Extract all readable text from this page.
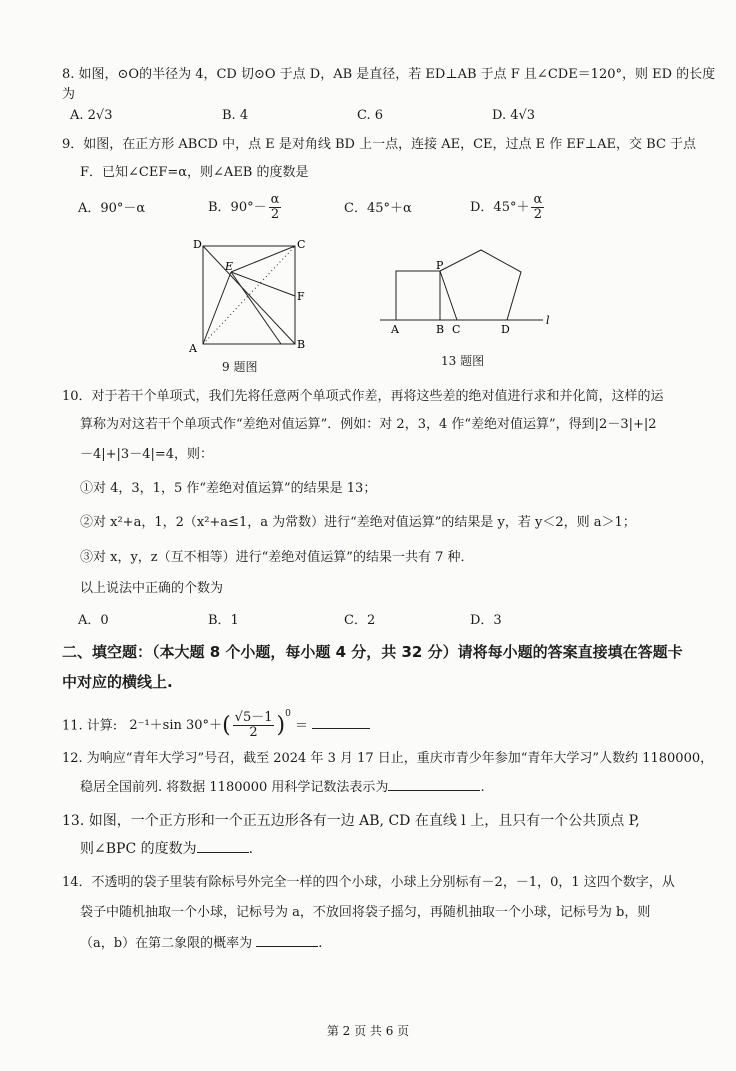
8. 如图，⊙O的半径为 4，CD 切⊙O 于点 D，AB 是直径，若 ED⊥AB 于点 F 且∠CDE＝120°，则 ED 的长度
为
A. 2√3	B. 4	C. 6	D. 4√3
9．如图，在正方形 ABCD 中，点 E 是对角线 BD 上一点，连接 AE，CE，过点 E 作 EF⊥AE，交 BC 于点
F．已知∠CEF=α，则∠AEB 的度数是
A．90°－α	B．$90^\circ- \frac{\alpha}{2}$	C．45°＋α	D．$45^\circ+ \frac{\alpha}{2}$
D	C
E
F
A	B
9 题图
A	B C	D
P
l
13 题图
10．对于若干个单项式，我们先将任意两个单项式作差，再将这些差的绝对值进行求和并化简，这样的运
算称为对这若干个单项式作“差绝对值运算”．例如：对 2，3，4 作“差绝对值运算”，得到|2－3|+|2
－4|+|3－4|=4，则：
①对 4，3，1，5 作“差绝对值运算”的结果是 13；
②对 x²+a，1，2（x²+a≤1，a 为常数）进行“差绝对值运算”的结果是 y，若 y＜2，则 a＞1；
③对 x，y，z（互不相等）进行“差绝对值运算”的结果一共有 7 种．
以上说法中正确的个数为
A．0	B．1	C．2	D．3
二、填空题：（本大题 8 个小题，每小题 4 分，共 32 分）请将每小题的答案直接填在答题卡
中对应的横线上.
11. 计算: 2⁻¹＋sin $30^\circ+( \frac{√5-1}{2} )^0$ ＝
12. 为响应“青年大学习”号召，截至 2024 年 3 月 17 日止，重庆市青少年参加“青年大学习”人数约 1180000，
稳居全国前列. 将数据 1180000 用科学记数法表示为	.
13. 如图，一个正方形和一个正五边形各有一边 AB, CD 在直线 l 上，且只有一个公共顶点 P,
则∠BPC 的度数为	.
14．不透明的袋子里装有除标号外完全一样的四个小球，小球上分别标有－2，－1，0，1 这四个数字，从
袋子中随机抽取一个小球，记标号为 a，不放回将袋子摇匀，再随机抽取一个小球，记标号为 b，则
（a，b）在第二象限的概率为	.
第 2 页 共 6 页
